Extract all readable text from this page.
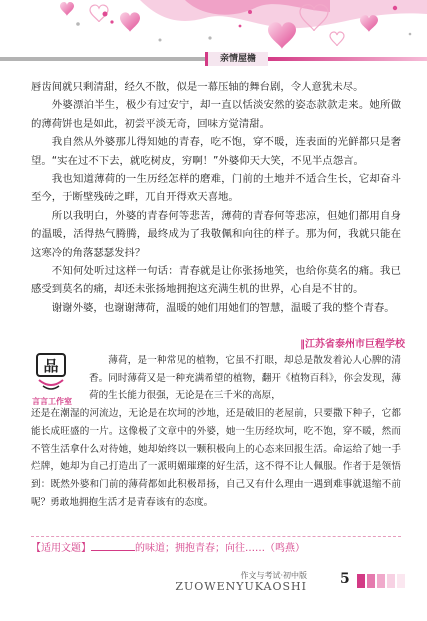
亲情屋檐

唇齿间就只剩清甜，经久不散，似是一幕压轴的舞台剧，令人意犹未尽。

外婆漂泊半生，极少有过安宁，却一直以恬淡安然的姿态款款走来。她所做的薄荷饼也是如此，初尝平淡无奇，回味方觉清甜。

我自然从外婆那儿得知她的青春，吃不饱，穿不暖，连表面的光鲜都只是奢望。“实在过不下去，就吃树皮，穷啊！”外婆仰天大笑，不见半点怨言。

我也知道薄荷的一生历经怎样的磨难，门前的土地并不适合生长，它却奋斗至今，于断壁残砖之畔，兀自开得欢天喜地。

所以我明白，外婆的青春何等悲苦，薄荷的青春何等悲凉，但她们都用自身的温暖，活得热气腾腾，最终成为了我敬佩和向往的样子。那为何，我就只能在这寒冷的角落瑟瑟发抖？

不知何处听过这样一句话：青春就是让你张扬地笑，也给你莫名的痛。我已感受到莫名的痛，却还未张扬地拥抱这充满生机的世界，心自是不甘的。

谢谢外婆，也谢谢薄荷，温暖的她们用她们的智慧，温暖了我的整个青春。

‖江苏省泰州市巨程学校
品
言言工作室

薄荷，是一种常见的植物，它虽不打眼，却总是散发着沁人心脾的清香。同时薄荷又是一种充满希望的植物，翻开《植物百科》，你会发现，薄荷的生长能力很强，无论是在三千米的高原，

还是在潮湿的河流边，无论是在坎坷的沙地，还是破旧的老屋前，只要撒下种子，它都能长成旺盛的一片。这像极了文章中的外婆，她一生历经坎坷，吃不饱，穿不暖，然而不管生活拿什么对待她，她却始终以一颗积极向上的心态来回报生活。命运给了她一手烂牌，她却为自己打造出了一派明媚璀璨的好生活，这不得不让人佩服。作者于是领悟到：既然外婆和门前的薄荷都如此积极昂扬，自己又有什么理由一遇到难事就退缩不前呢？勇敢地拥抱生活才是青春该有的态度。

【适用文题】	的味道；拥抱青春；向往……（鸣燕）
作文与考试·初中版
ZUOWENYUKAOSHI 5
